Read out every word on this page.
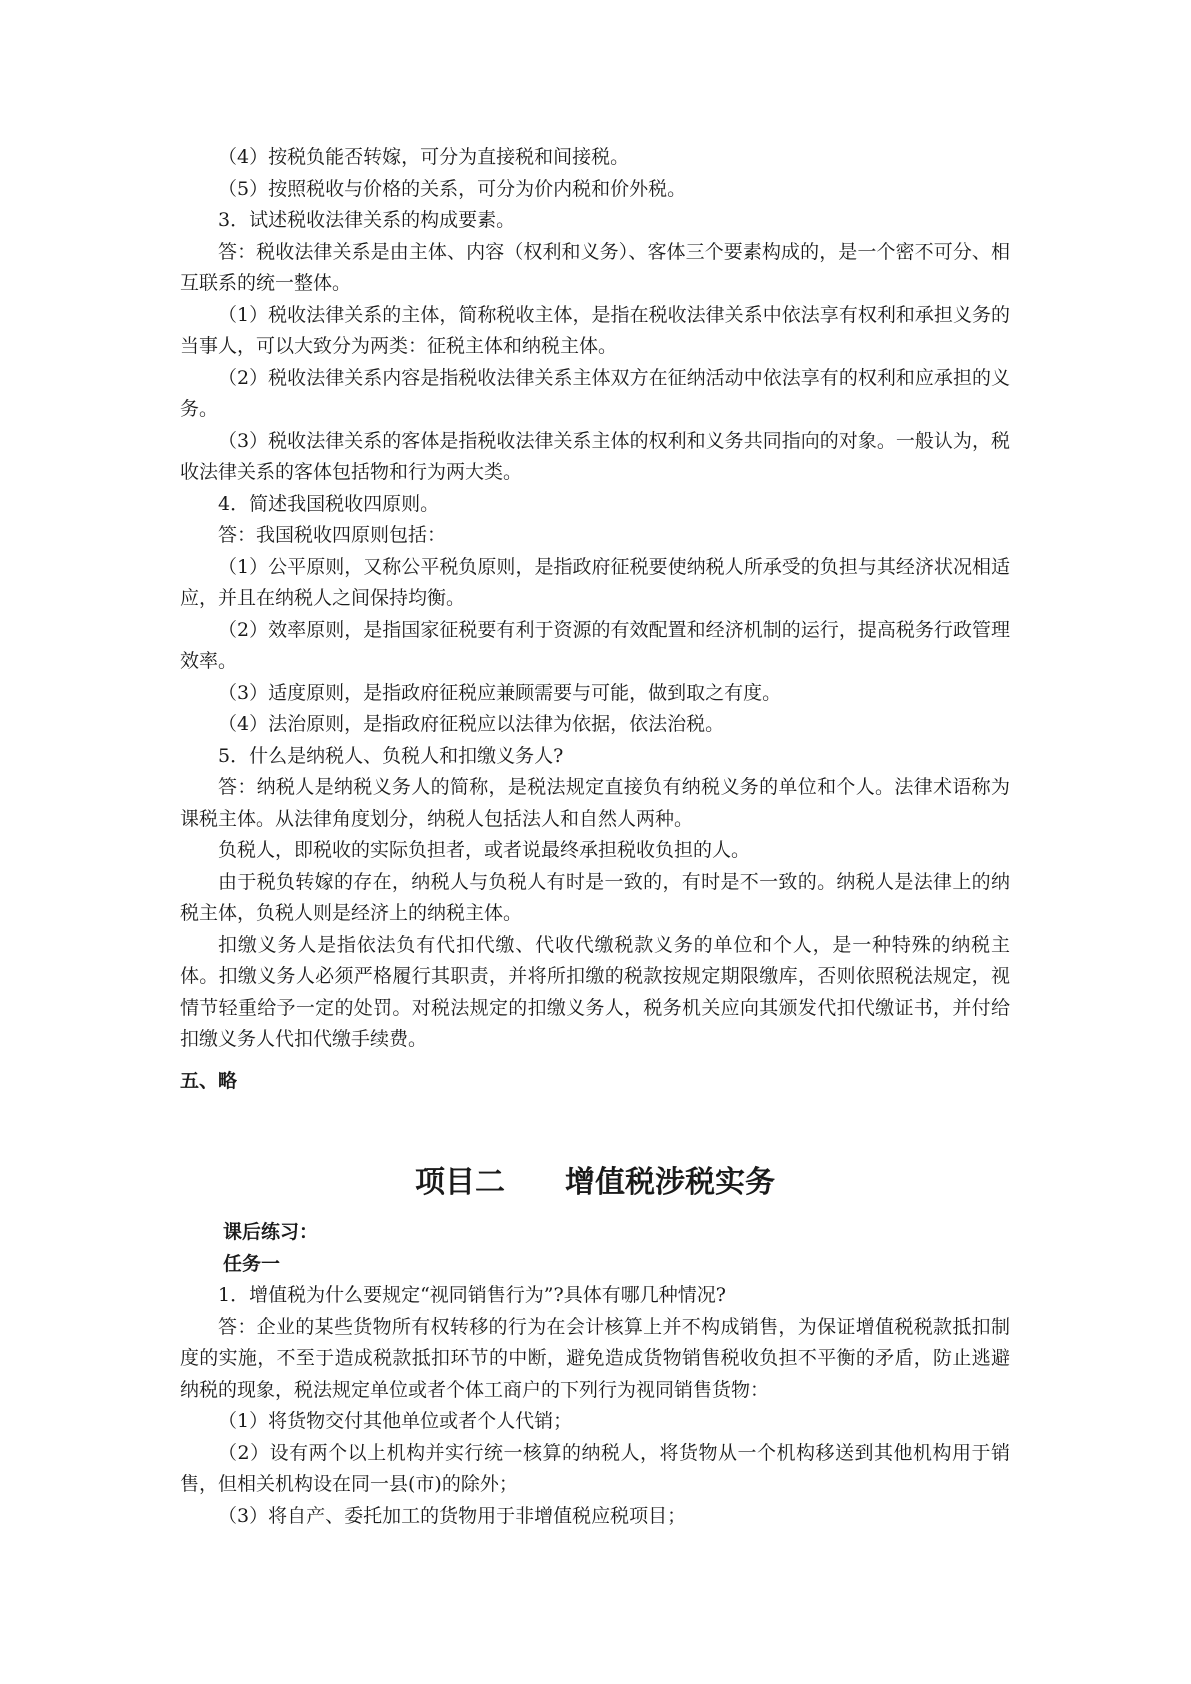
（4）按税负能否转嫁，可分为直接税和间接税。

（5）按照税收与价格的关系，可分为价内税和价外税。

3．试述税收法律关系的构成要素。

答：税收法律关系是由主体、内容（权利和义务）、客体三个要素构成的，是一个密不可分、相互联系的统一整体。

（1）税收法律关系的主体，简称税收主体，是指在税收法律关系中依法享有权利和承担义务的当事人，可以大致分为两类：征税主体和纳税主体。

（2）税收法律关系内容是指税收法律关系主体双方在征纳活动中依法享有的权利和应承担的义务。

（3）税收法律关系的客体是指税收法律关系主体的权利和义务共同指向的对象。一般认为，税收法律关系的客体包括物和行为两大类。

4．简述我国税收四原则。

答：我国税收四原则包括：

（1）公平原则，又称公平税负原则，是指政府征税要使纳税人所承受的负担与其经济状况相适应，并且在纳税人之间保持均衡。

（2）效率原则，是指国家征税要有利于资源的有效配置和经济机制的运行，提高税务行政管理效率。

（3）适度原则，是指政府征税应兼顾需要与可能，做到取之有度。

（4）法治原则，是指政府征税应以法律为依据，依法治税。

5．什么是纳税人、负税人和扣缴义务人?

答：纳税人是纳税义务人的简称，是税法规定直接负有纳税义务的单位和个人。法律术语称为课税主体。从法律角度划分，纳税人包括法人和自然人两种。

负税人，即税收的实际负担者，或者说最终承担税收负担的人。

由于税负转嫁的存在，纳税人与负税人有时是一致的，有时是不一致的。纳税人是法律上的纳税主体，负税人则是经济上的纳税主体。

扣缴义务人是指依法负有代扣代缴、代收代缴税款义务的单位和个人，是一种特殊的纳税主体。扣缴义务人必须严格履行其职责，并将所扣缴的税款按规定期限缴库，否则依照税法规定，视情节轻重给予一定的处罚。对税法规定的扣缴义务人，税务机关应向其颁发代扣代缴证书，并付给扣缴义务人代扣代缴手续费。

五、略

项目二　　增值税涉税实务

课后练习：

任务一

1．增值税为什么要规定“视同销售行为”?具体有哪几种情况?

答：企业的某些货物所有权转移的行为在会计核算上并不构成销售，为保证增值税税款抵扣制度的实施，不至于造成税款抵扣环节的中断，避免造成货物销售税收负担不平衡的矛盾，防止逃避纳税的现象，税法规定单位或者个体工商户的下列行为视同销售货物：

（1）将货物交付其他单位或者个人代销；

（2）设有两个以上机构并实行统一核算的纳税人，将货物从一个机构移送到其他机构用于销售，但相关机构设在同一县(市)的除外；

（3）将自产、委托加工的货物用于非增值税应税项目；
